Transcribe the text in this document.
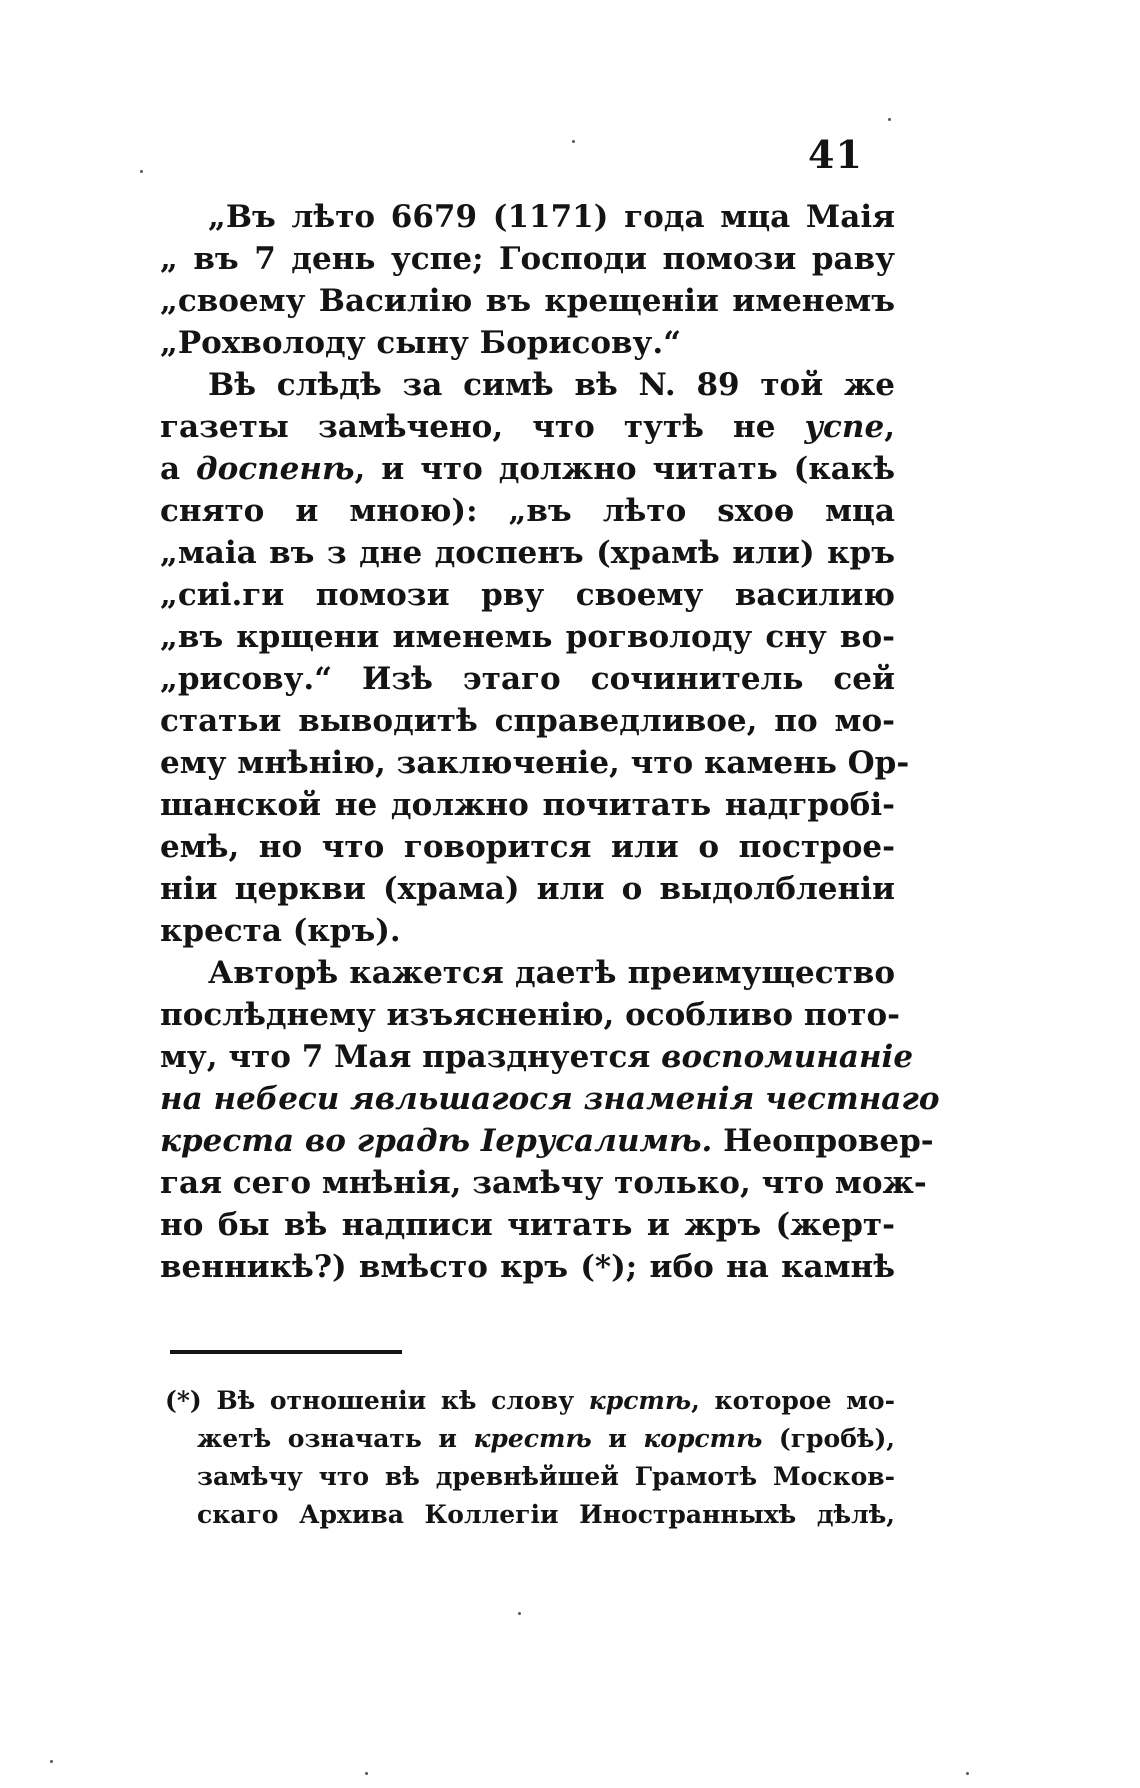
41
„Въ лѣто 6679 (1171) года мца Маія
„ въ 7 день успе; Господи помози раву
„своему Василію въ крещеніи именемъ
„Рохволоду сыну Борисову.“
Вѣ слѣдѣ за симѣ вѣ N. 89 той же
газеты замѣчено, что тутѣ не успе,
а доспенѣ, и что должно читать (какѣ
снято и мною): „въ лѣто ѕхоѳ мца
„маіа въ з дне доспенъ (храмѣ или) кръ
„сиі.ги помози рву своему василию
„въ крщени именемь рогволоду сну во-
„рисову.“ Изѣ этаго сочинитель сей
статьи выводитѣ справедливое, по мо-
ему мнѣнію, заключеніе, что камень Ор-
шанской не должно почитать надгробі-
емѣ, но что говорится или о построе-
ніи церкви (храма) или о выдолбленіи
креста (кръ).
Авторѣ кажется даетѣ преимущество
послѣднему изъясненію, особливо пото-
му, что 7 Мая празднуется воспоминаніе
на небеси явльшагося знаменія честнаго
креста во градѣ Іерусалимѣ. Неопровер-
гая сего мнѣнія, замѣчу только, что мож-
но бы вѣ надписи читать и жръ (жерт-
венникѣ?) вмѣсто кръ (*); ибо на камнѣ
(*) Вѣ отношеніи кѣ слову крстѣ, которое мо-
жетѣ означать и крестѣ и корстѣ (гробѣ),
замѣчу что вѣ древнѣйшей Грамотѣ Москов-
скаго Архива Коллегіи Иностранныхѣ дѣлѣ,
